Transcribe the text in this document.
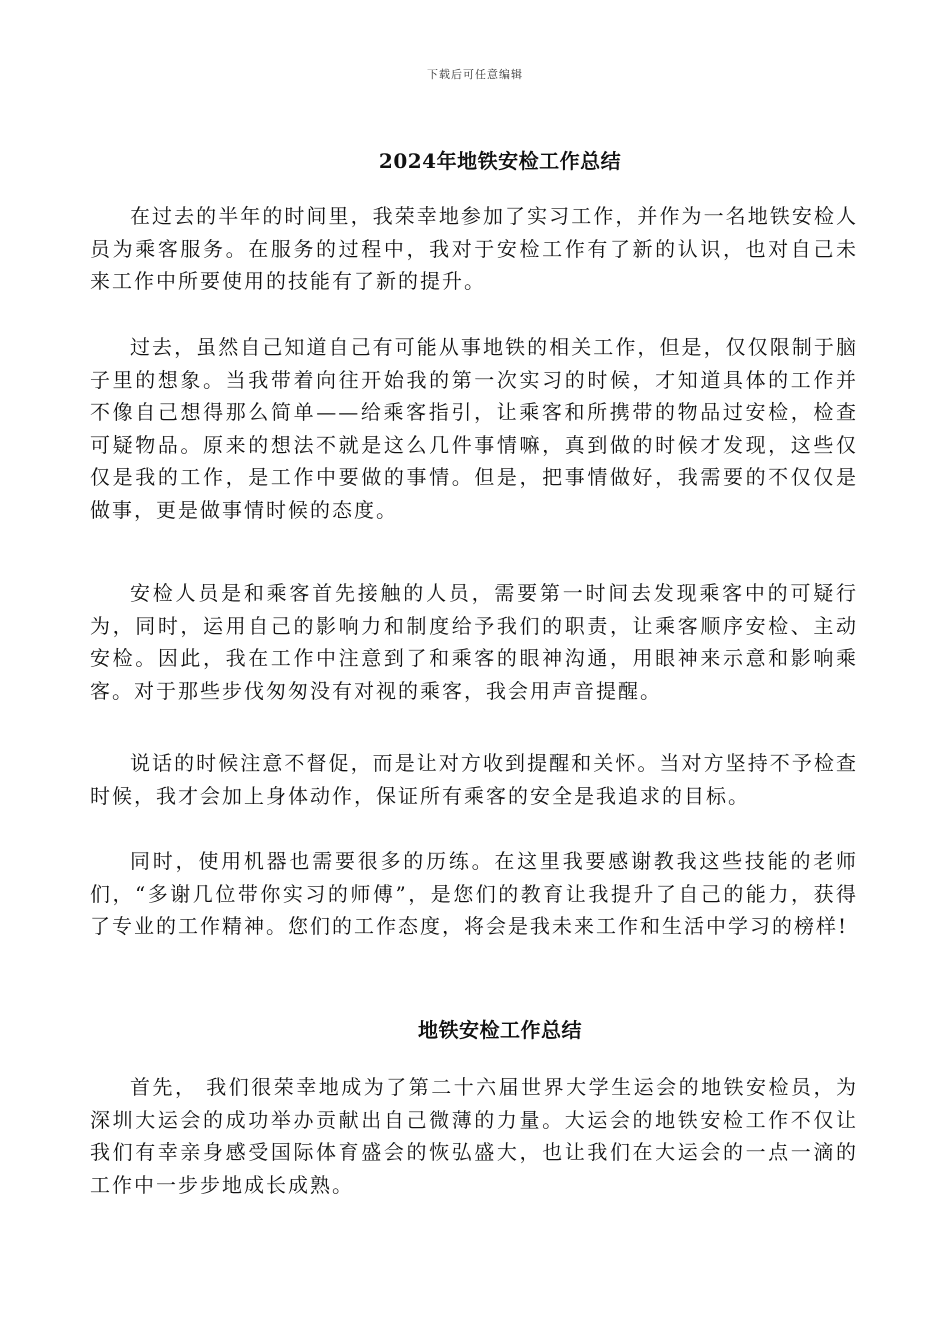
下载后可任意编辑
2024年地铁安检工作总结

在过去的半年的时间里，我荣幸地参加了实习工作，并作为一名地铁安检人员为乘客服务。在服务的过程中，我对于安检工作有了新的认识，也对自己未来工作中所要使用的技能有了新的提升。

过去，虽然自己知道自己有可能从事地铁的相关工作，但是，仅仅限制于脑子里的想象。当我带着向往开始我的第一次实习的时候，才知道具体的工作并不像自己想得那么简单——给乘客指引，让乘客和所携带的物品过安检，检查可疑物品。原来的想法不就是这么几件事情嘛，真到做的时候才发现，这些仅仅是我的工作，是工作中要做的事情。但是，把事情做好，我需要的不仅仅是做事，更是做事情时候的态度。

安检人员是和乘客首先接触的人员，需要第一时间去发现乘客中的可疑行为，同时，运用自己的影响力和制度给予我们的职责，让乘客顺序安检、主动安检。因此，我在工作中注意到了和乘客的眼神沟通，用眼神来示意和影响乘客。对于那些步伐匆匆没有对视的乘客，我会用声音提醒。

说话的时候注意不督促，而是让对方收到提醒和关怀。当对方坚持不予检查时候，我才会加上身体动作，保证所有乘客的安全是我追求的目标。

同时，使用机器也需要很多的历练。在这里我要感谢教我这些技能的老师们，“多谢几位带你实习的师傅”，是您们的教育让我提升了自己的能力，获得了专业的工作精神。您们的工作态度，将会是我未来工作和生活中学习的榜样!

地铁安检工作总结

首先， 我们很荣幸地成为了第二十六届世界大学生运会的地铁安检员，为深圳大运会的成功举办贡献出自己微薄的力量。大运会的地铁安检工作不仅让我们有幸亲身感受国际体育盛会的恢弘盛大，也让我们在大运会的一点一滴的工作中一步步地成长成熟。
